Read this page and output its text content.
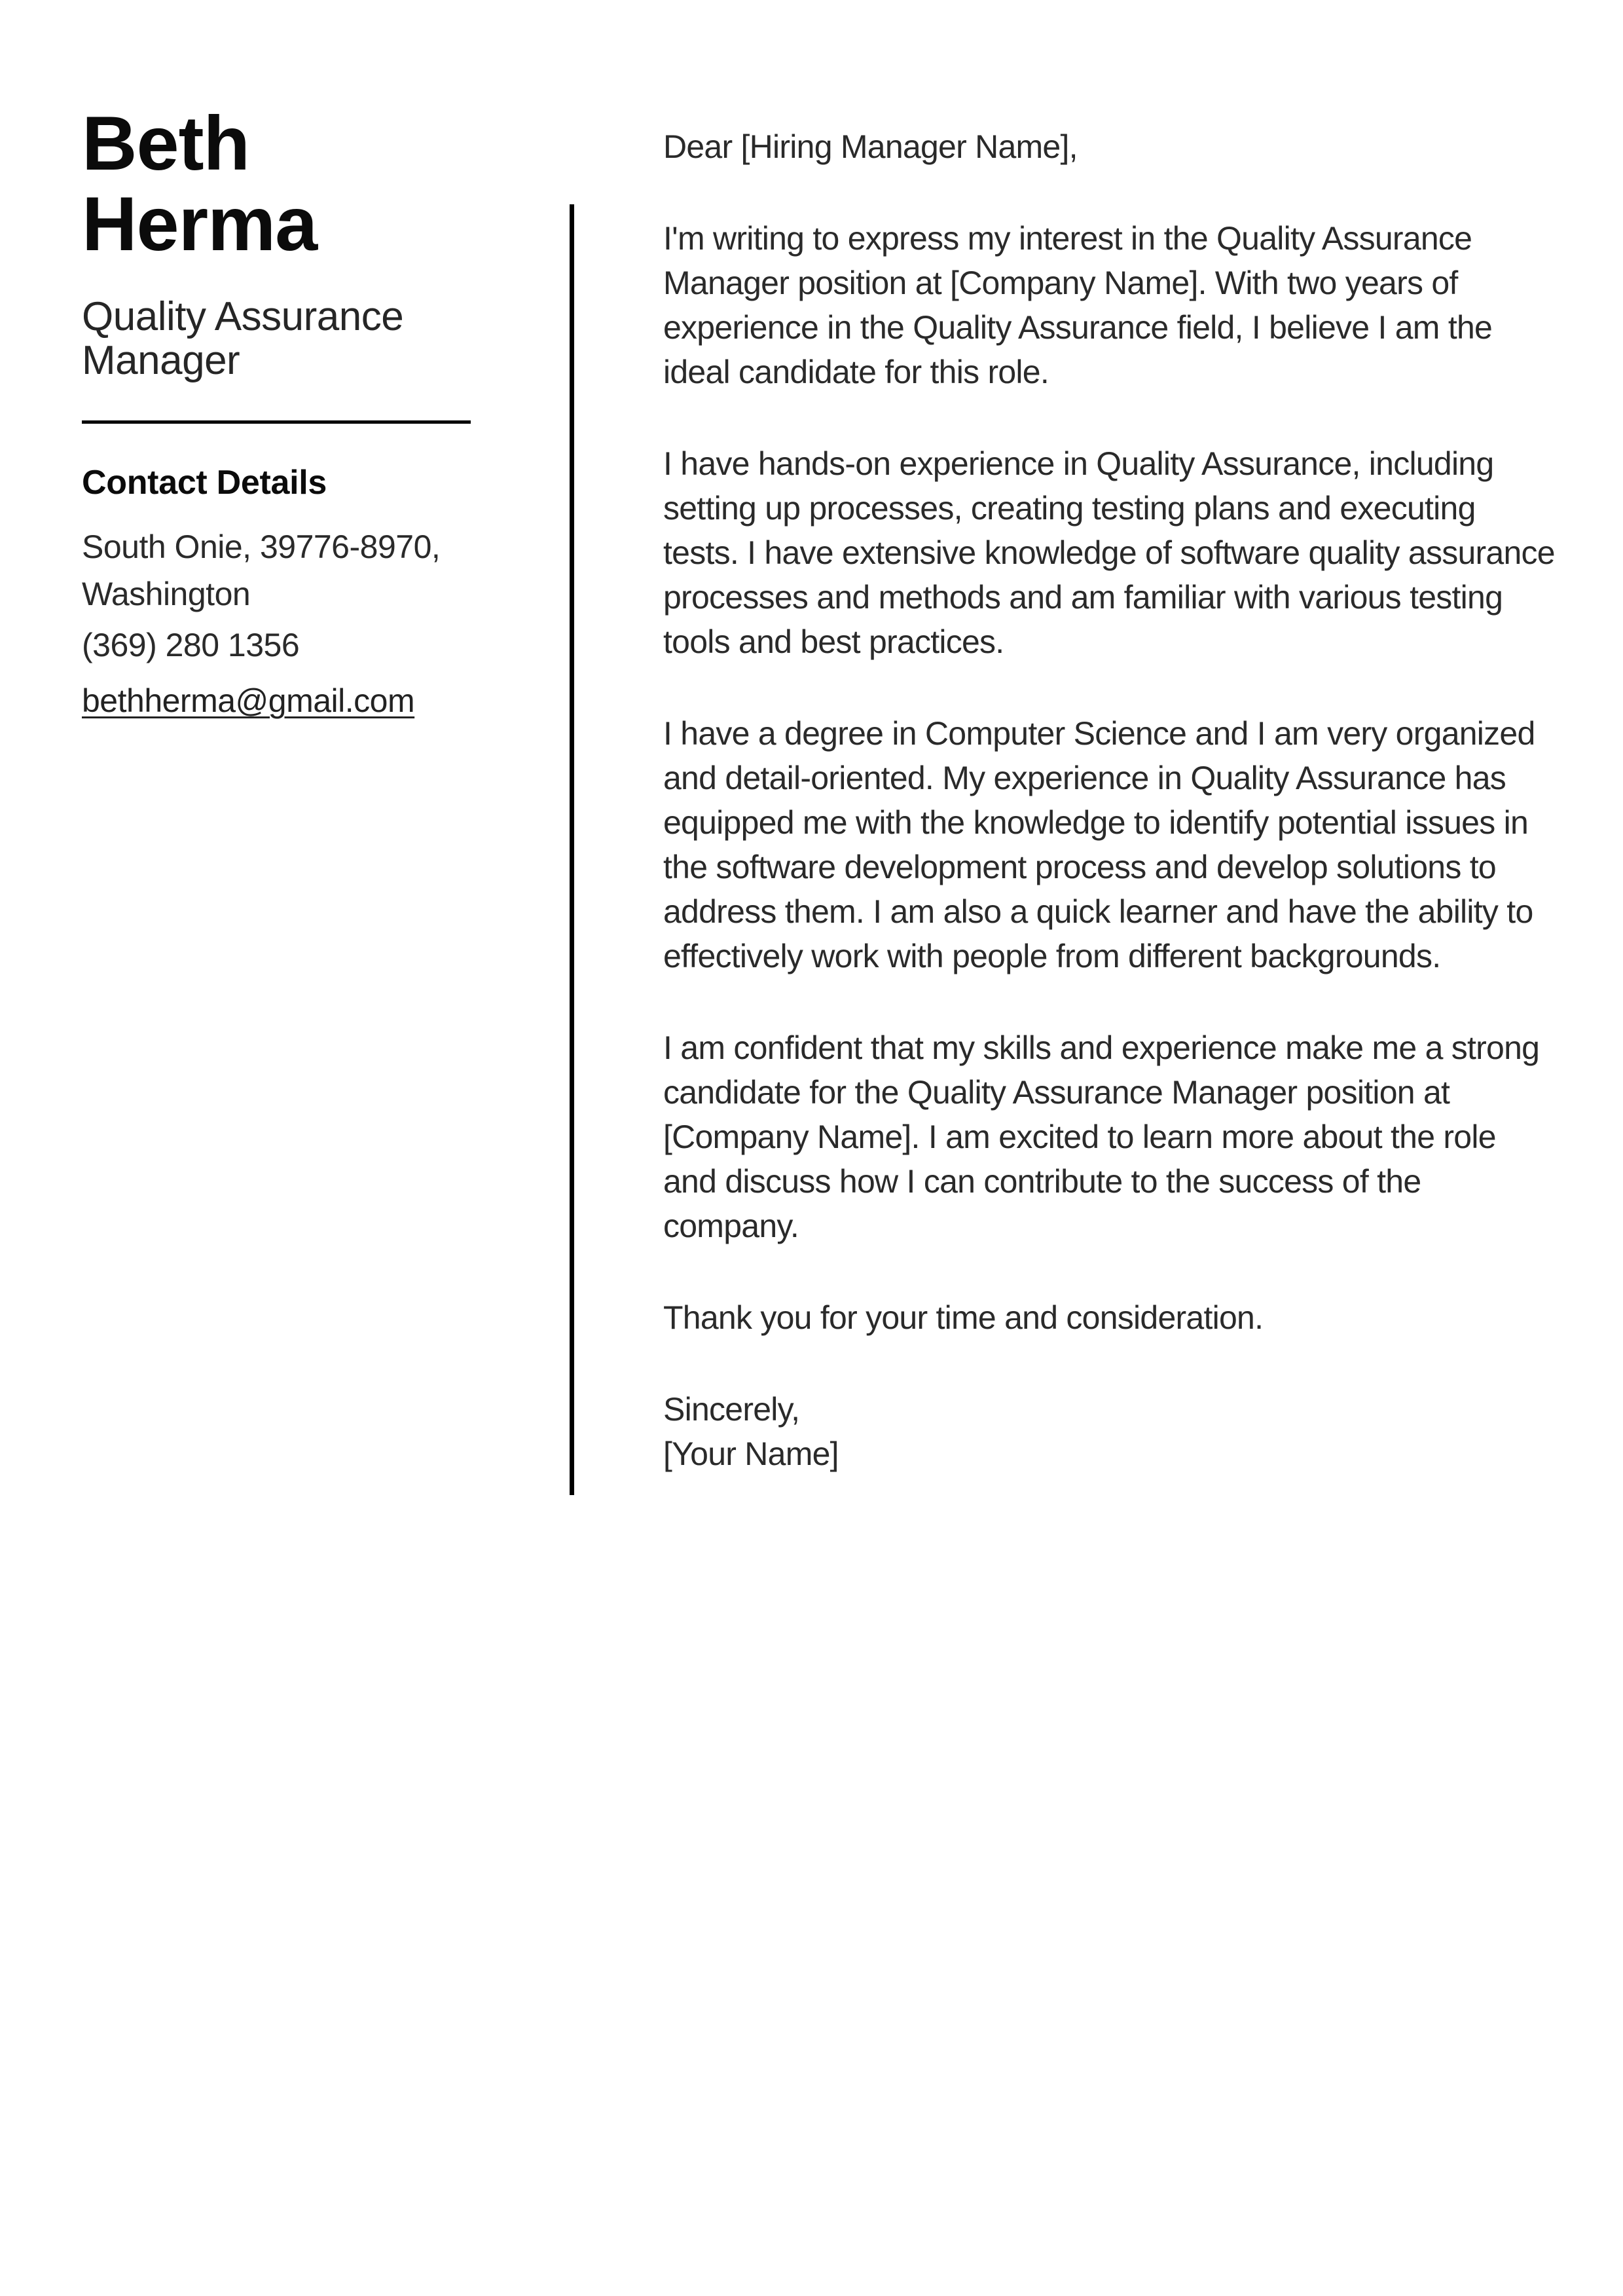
Beth Herma

Quality Assurance Manager

Contact Details

South Onie, 39776-8970, Washington

(369) 280 1356

bethherma@gmail.com

Dear [Hiring Manager Name],

I'm writing to express my interest in the Quality Assurance Manager position at [Company Name]. With two years of experience in the Quality Assurance field, I believe I am the ideal candidate for this role.

I have hands-on experience in Quality Assurance, including setting up processes, creating testing plans and executing tests. I have extensive knowledge of software quality assurance processes and methods and am familiar with various testing tools and best practices.

I have a degree in Computer Science and I am very organized and detail-oriented. My experience in Quality Assurance has equipped me with the knowledge to identify potential issues in the software development process and develop solutions to address them. I am also a quick learner and have the ability to effectively work with people from different backgrounds.

I am confident that my skills and experience make me a strong candidate for the Quality Assurance Manager position at [Company Name]. I am excited to learn more about the role and discuss how I can contribute to the success of the company.

Thank you for your time and consideration.

Sincerely,

[Your Name]
